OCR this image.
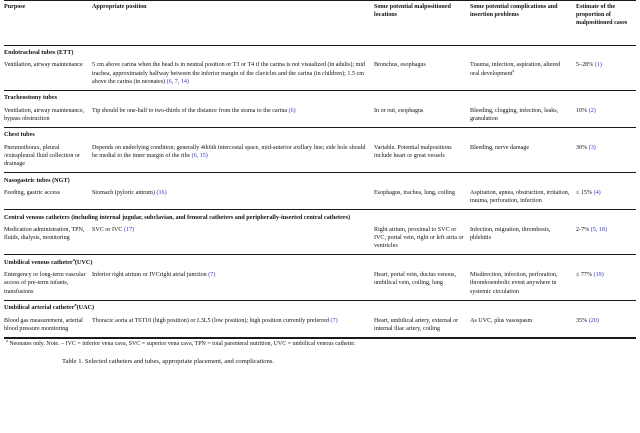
Purpose	Appropriate position	Some potential malpositioned locations	Some potential complications and insertion problems	Estimate of the proportion of malpositioned cases

Endotracheal tubes (ETT)				
Ventilation, airway maintenance	5 cm above carina when the head is in neutral position or T3 or T4 if the carina is not visualized (in adults); mid trachea, approximately halfway between the inferior margin of the clavicles and the carina (in children); 1.5 cm above the carina (in neonates) (6, 7, 14)	Bronchus, esophagus	Trauma, infection, aspiration, altered oral development$^a$	5–28% (1)
Tracheostomy tubes				
Ventilation, airway maintenance, bypass obstruction	Tip should be one-half to two-thirds of the distance from the stoma to the carina (6)	In or out, esophagus	Bleeding, clogging, infection, leaks, granulation	10% (2)
Chest tubes				
Pneumothorax, pleural /extrapleural fluid collection or drainage	Depends on underlying condition; generally 4th6th intercostal space, mid-anterior axillary line; side hole should be medial to the inner margin of the ribs (6, 15)	Variable. Potential malpositions include heart or great vessels	Bleeding, nerve damage	30% (3)
Nasogastric tubes (NGT)				
Feeding, gastric access	Stomach (pyloric antrum) (16)	Esophagus, trachea, lung, coiling	Aspiration, apnea, obstruction, irritation, trauma, perforation, infection	≤ 15% (4)
Central venous catheters (including internal jugular, subclavian, and femoral catheters and peripherally-inserted central catheters)				
Medication administration, TPN, fluids, dialysis, monitoring	SVC or IVC (17)	Right atrium, proximal to SVC or IVC, portal vein, right or left atria or ventricles	Infection, migration, thrombosis, phlebitis	2-7% (5, 18)
Umbilical venous catheter$^a$(UVC)				
Emergency or long-term vascular access of pre-term infants, transfusions	Inferior right atrium or IVCright atrial junction (7)	Heart, portal vein, ductus venous, umbilical vein, coiling, lung	Misdirection, infection, perforation, thromboembolic event anywhere in systemic circulation	≤ 77% (19)
Umbilical arterial catheter$^a$(UAC)				
Blood gas measurement, arterial blood pressure monitoring	Thoracic aorta at T6T10 (high position) or L3L5 (low position); high position currently preferred (7)	Heart, umbilical artery, external or internal iliac artery, coiling	As UVC, plus vasospasm	35% (20)
$^a$ Neonates only. Note. – IVC = inferior vena cava, SVC = superior vena cava, TPN = total parenteral nutrition, UVC = umbilical venous catheter.
Table 1. Selected catheters and tubes, appropriate placement, and complications.
